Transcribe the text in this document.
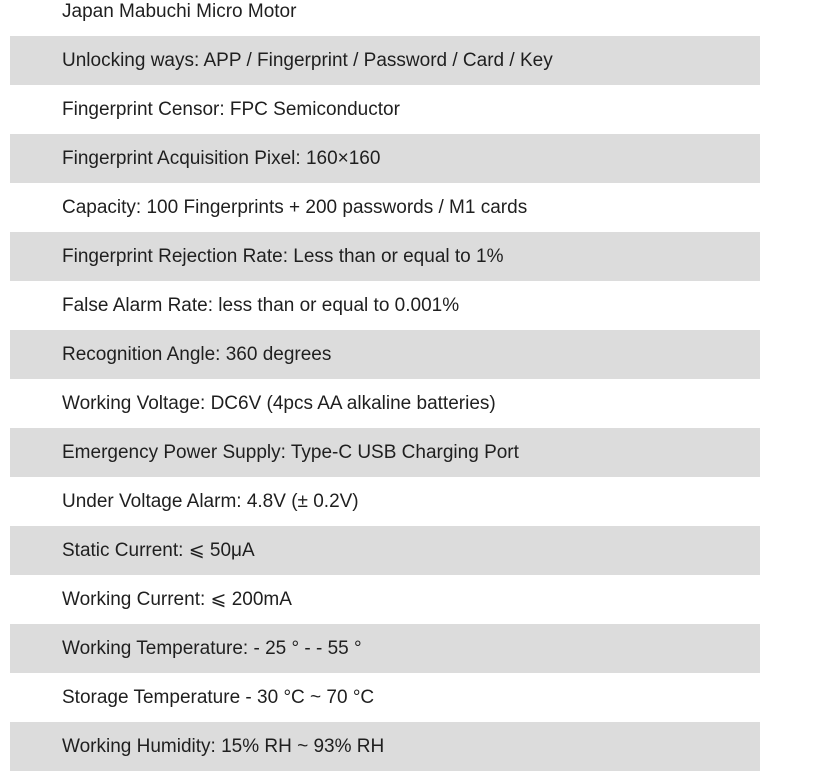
Japan Mabuchi Micro Motor
Unlocking ways: APP / Fingerprint / Password / Card / Key
Fingerprint Censor: FPC Semiconductor
Fingerprint Acquisition Pixel: 160×160
Capacity: 100 Fingerprints + 200 passwords / M1 cards
Fingerprint Rejection Rate: Less than or equal to 1%
False Alarm Rate: less than or equal to 0.001%
Recognition Angle: 360 degrees
Working Voltage: DC6V (4pcs AA alkaline batteries)
Emergency Power Supply: Type-C USB Charging Port
Under Voltage Alarm: 4.8V (± 0.2V)
Static Current: ⩽ 50μA
Working Current: ⩽ 200mA
Working Temperature: - 25 ° - - 55 °
Storage Temperature - 30 °C ~ 70 °C
Working Humidity: 15% RH ~ 93% RH
